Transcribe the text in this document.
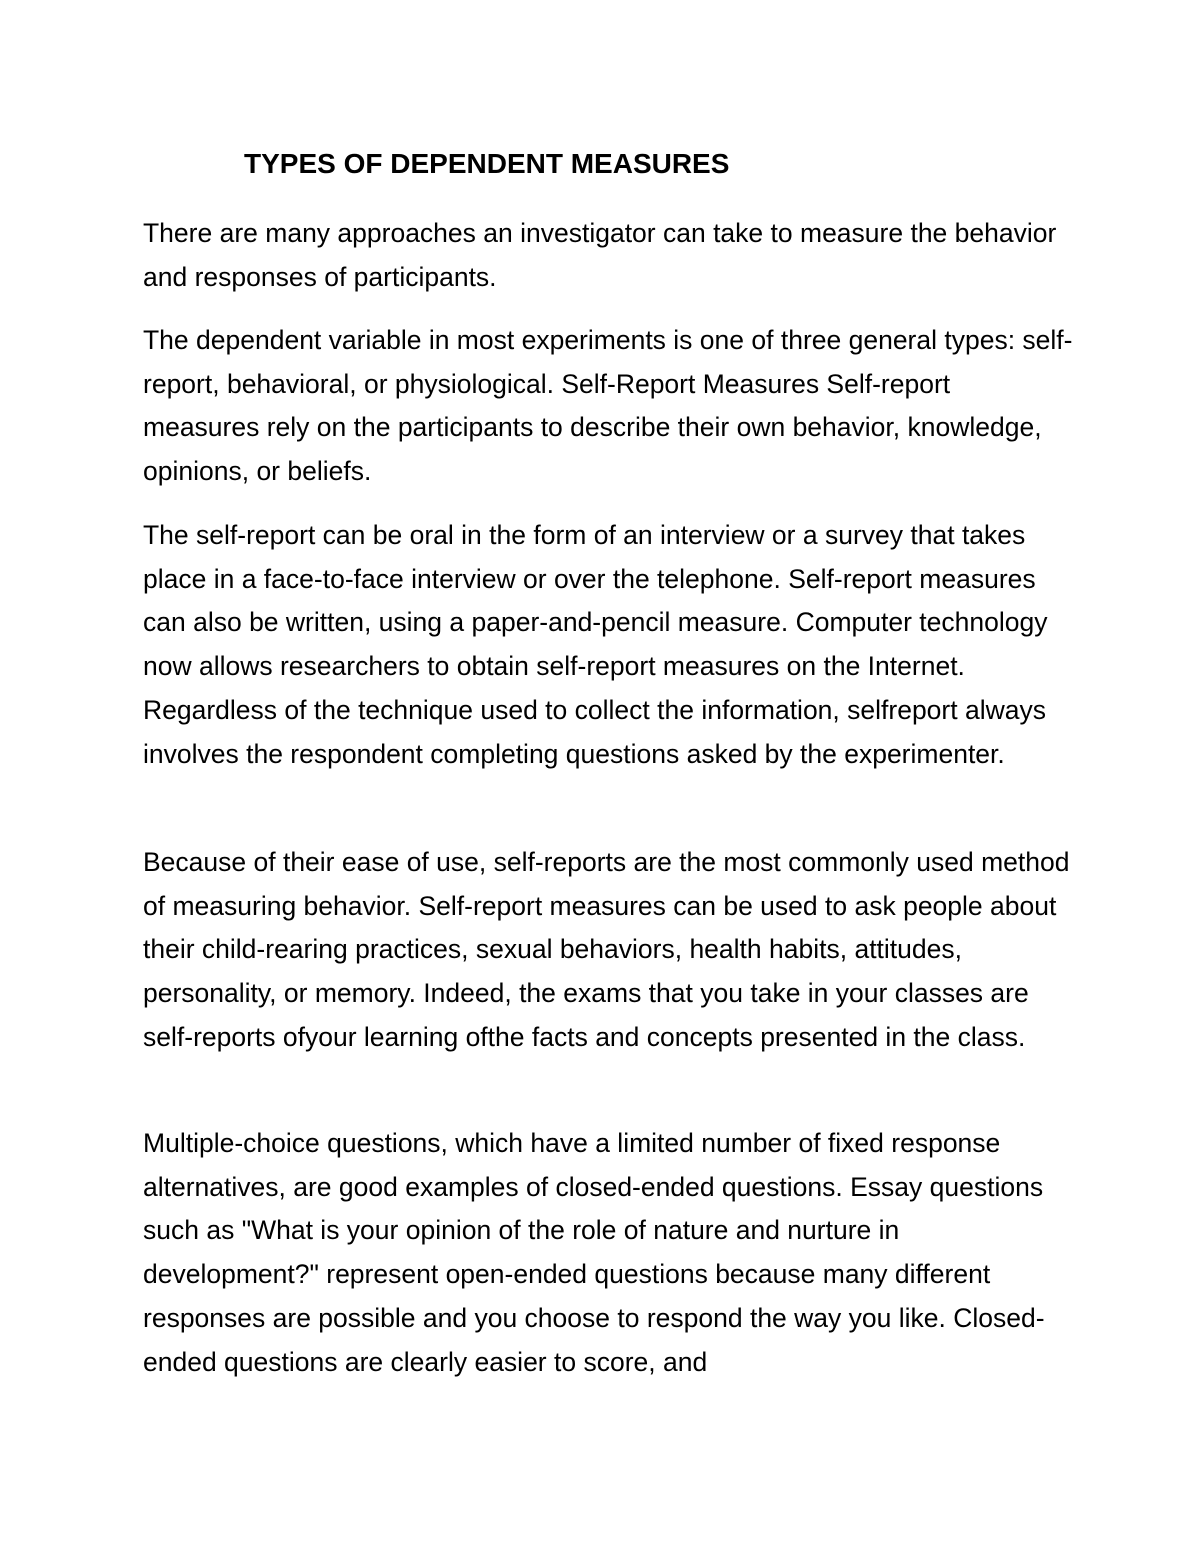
TYPES OF DEPENDENT MEASURES

There are many approaches an investigator can take to measure the behavior and responses of participants.

The dependent variable in most experiments is one of three general types: self-report, behavioral, or physiological. Self-Report Measures Self-report measures rely on the participants to describe their own behavior, knowledge, opinions, or beliefs.

The self-report can be oral in the form of an interview or a survey that takes place in a face-to-face interview or over the telephone. Self-report measures can also be written, using a paper-and-pencil measure. Computer technology now allows researchers to obtain self-report measures on the Internet. Regardless of the technique used to collect the information, selfreport always involves the respondent completing questions asked by the experimenter.

Because of their ease of use, self-reports are the most commonly used method of measuring behavior. Self-report measures can be used to ask people about their child-rearing practices, sexual behaviors, health habits, attitudes, personality, or memory. Indeed, the exams that you take in your classes are self-reports ofyour learning ofthe facts and concepts presented in the class.

Multiple-choice questions, which have a limited number of fixed response alternatives, are good examples of closed-ended questions. Essay questions such as "What is your opinion of the role of nature and nurture in development?" represent open-ended questions because many different responses are possible and you choose to respond the way you like. Closed-ended questions are clearly easier to score, and
